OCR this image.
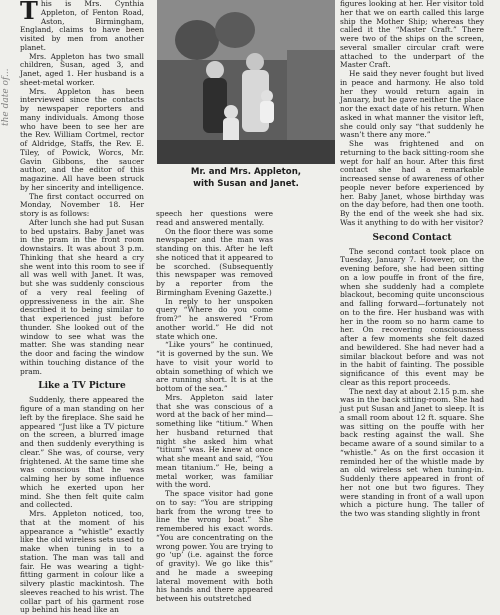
the date of...

This is Mrs. Cynthia Appleton, of Fenton Road, Aston, Birmingham, England, claims to have been visited by men from another planet.

Mrs. Appleton has two small children, Susan, aged 3, and Janet, aged 1. Her husband is a sheet-metal worker.

Mrs. Appleton has been interviewed since the contacts by newspaper reporters and many individuals. Among those who have been to see her are the Rev. William Cortmel, rector of Aldridge, Staffs, the Rev. E. Tiley, of Powick, Worcs, Mr. Gavin Gibbons, the saucer author, and the editor of this magazine. All have been struck by her sincerity and intelligence.

The first contact occurred on Monday, November 18. Her story is as follows:

After lunch she had put Susan to bed upstairs. Baby Janet was in the pram in the front room downstairs. It was about 3 p.m. Thinking that she heard a cry she went into this room to see if all was well with Janet. It was, but she was suddenly conscious of a very real feeling of oppressiveness in the air. She described it to being similar to that experienced just before thunder. She looked out of the window to see what was the matter. She was standing near the door and facing the window within touching distance of the pram.

Like a TV Picture

Suddenly, there appeared the figure of a man standing on her left by the fireplace. She said he appeared “Just like a TV picture on the screen, a blurred image and then suddenly everything is clear.” She was, of course, very frightened. At the same time she was conscious that he was calming her by some influence which he exerted upon her mind. She then felt quite calm and collected.

Mrs. Appleton noticed, too, that at the moment of his appearance a “whistle” exactly like the old wireless sets used to make when tuning in to a station. The man was tall and fair. He was wearing a tight-fitting garment in colour like a silvery plastic mackintosh. The sleeves reached to his wrist. The collar part of his garment rose up behind his head like an

Mr. and Mrs. Appleton,
with Susan and Janet.

speech her questions were read and answered mentally.

On the floor there was some newspaper and the man was standing on this. After he left she noticed that it appeared to be scorched. (Subsequently this newspaper was removed by a reporter from the Birmingham Evening Gazette.)

In reply to her unspoken query “Where do you come from?” he answered “From another world.” He did not state which one.

“Like yours” he continued, “it is governed by the sun. We have to visit your world to obtain something of which we are running short. It is at the bottom of the sea.”

Mrs. Appleton said later that she was conscious of a word at the back of her mind—something like “titium.” When her husband returned that night she asked him what “titium” was. He knew at once what she meant and said, “You mean titanium.” He, being a metal worker, was familiar with the word.

The space visitor had gone on to say: “You are stripping bark from the wrong tree to line the wrong boat.” She remembered his exact words. “You are concentrating on the wrong power. You are trying to go ‘up’ (i.e. against the force of gravity). We go like this” and he made a sweeping lateral movement with both his hands and there appeared between his outstretched

figures looking at her. Her visitor told her that we on earth called this large ship the Mother Ship; whereas they called it the “Master Craft.” There were two of the ships on the screen, several smaller circular craft were attached to the underpart of the Master Craft.

He said they never fought but lived in peace and harmony. He also told her they would return again in January, but he gave neither the place nor the exact date of his return. When asked in what manner the visitor left, she could only say “that suddenly he wasn’t there any more.”

She was frightened and on returning to the back sitting-room she wept for half an hour. After this first contact she had a remarkable increased sense of awareness of other people never before experienced by her. Baby Janet, whose birthday was on the day before, had then one tooth. By the end of the week she had six. Was it anything to do with her visitor?

Second Contact

The second contact took place on Tuesday, January 7. However, on the evening before, she had been sitting on a low pouffe in front of the fire, when she suddenly had a complete blackout, becoming quite unconscious and falling forward—fortunately not on to the fire. Her husband was with her in the room so no harm came to her. On recovering consciousness after a few moments she felt dazed and bewildered. She had never had a similar blackout before and was not in the habit of fainting. The possible significance of this event may be clear as this report proceeds.

The next day at about 2.15 p.m. she was in the back sitting-room. She had just put Susan and Janet to sleep. It is a small room about 12 ft. square. She was sitting on the pouffe with her back resting against the wall. She became aware of a sound similar to a “whistle.” As on the first occasion it reminded her of the whistle made by an old wireless set when tuning-in. Suddenly there appeared in front of her not one but two figures. They were standing in front of a wall upon which a picture hung. The taller of the two was standing slightly in front
